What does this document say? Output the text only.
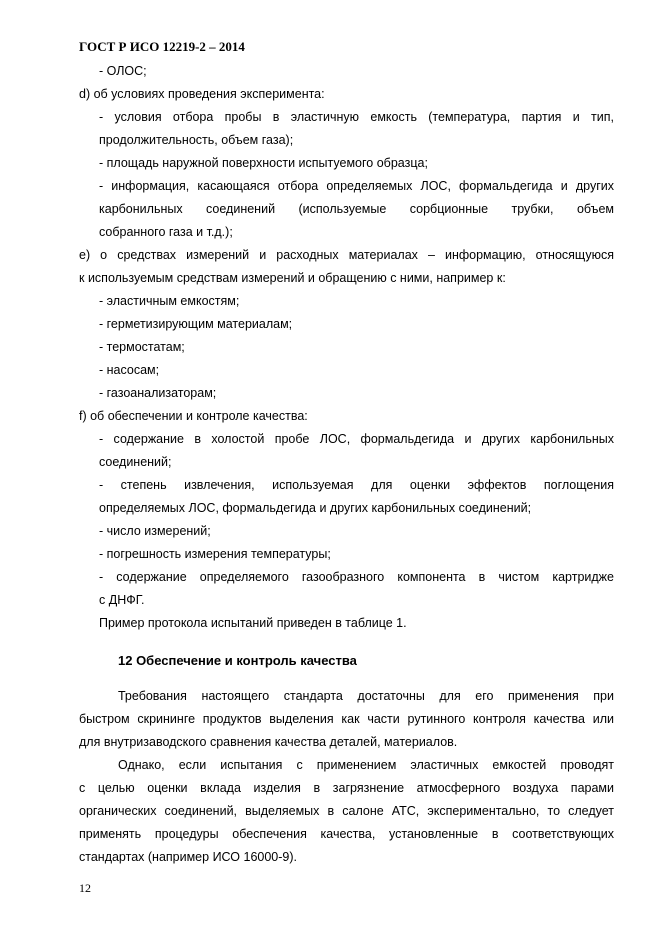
ГОСТ Р ИСО 12219-2 – 2014
- ОЛОС;
d) об условиях проведения эксперимента:
- условия отбора пробы в эластичную емкость (температура, партия и тип,
продолжительность, объем газа);
- площадь наружной поверхности испытуемого образца;
- информация, касающаяся отбора определяемых ЛОС, формальдегида и других
карбонильных соединений (используемые сорбционные трубки, объем
собранного газа и т.д.);
е) о средствах измерений и расходных материалах – информацию, относящуюся
к используемым средствам измерений и обращению с ними, например к:
- эластичным емкостям;
- герметизирующим материалам;
- термостатам;
- насосам;
- газоанализаторам;
f) об обеспечении и контроле качества:
- содержание в холостой пробе ЛОС, формальдегида и других карбонильных
соединений;
- степень извлечения, используемая для оценки эффектов поглощения
определяемых ЛОС, формальдегида и других карбонильных соединений;
- число измерений;
- погрешность измерения температуры;
- содержание определяемого газообразного компонента в чистом картридже
с ДНФГ.
Пример протокола испытаний приведен в таблице 1.
12 Обеспечение и контроль качества
Требования настоящего стандарта достаточны для его применения при
быстром скрининге продуктов выделения как части рутинного контроля качества или
для внутризаводского сравнения качества деталей, материалов.
Однако, если испытания с применением эластичных емкостей проводят
с целью оценки вклада изделия в загрязнение атмосферного воздуха парами
органических соединений, выделяемых в салоне АТС, экспериментально, то следует
применять процедуры обеспечения качества, установленные в соответствующих
стандартах (например ИСО 16000-9).
12
